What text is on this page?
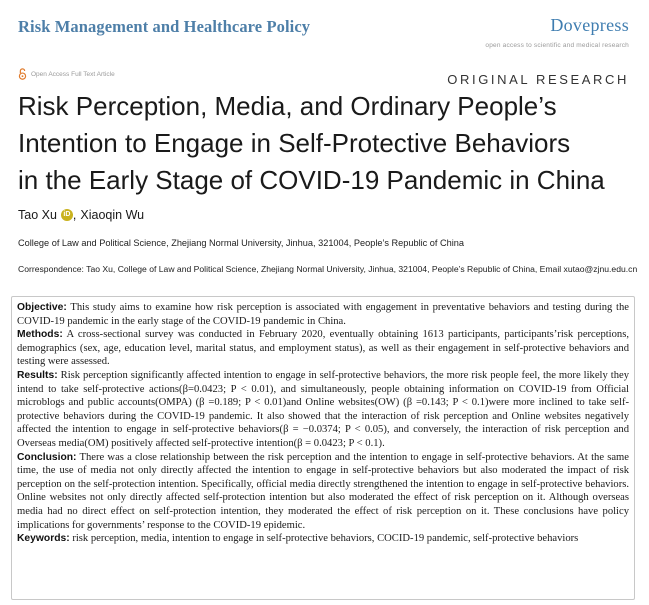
Risk Management and Healthcare Policy	Dovepress
open access to scientific and medical research
Open Access Full Text Article	ORIGINAL RESEARCH
Risk Perception, Media, and Ordinary People’s
Intention to Engage in Self-Protective Behaviors
in the Early Stage of COVID-19 Pandemic in China
Tao Xu iD , Xiaoqin Wu
College of Law and Political Science, Zhejiang Normal University, Jinhua, 321004, People’s Republic of China
Correspondence: Tao Xu, College of Law and Political Science, Zhejiang Normal University, Jinhua, 321004, People’s Republic of China, Email xutao@zjnu.edu.cn

Objective: This study aims to examine how risk perception is associated with engagement in preventative behaviors and testing during the COVID-19 pandemic in the early stage of the COVID-19 pandemic in China.

Methods: A cross-sectional survey was conducted in February 2020, eventually obtaining 1613 participants, participants’risk perceptions, demographics (sex, age, education level, marital status, and employment status), as well as their engagement in self-protective behaviors and testing were assessed.

Results: Risk perception significantly affected intention to engage in self-protective behaviors, the more risk people feel, the more likely they intend to take self-protective actions(β=0.0423; P < 0.01), and simultaneously, people obtaining information on COVID-19 from Official microblogs and public accounts(OMPA) (β =0.189; P < 0.01)and Online websites(OW) (β =0.143; P < 0.1)were more inclined to take self-protective behaviors during the COVID-19 pandemic. It also showed that the interaction of risk perception and Online websites negatively affected the intention to engage in self-protective behaviors(β = −0.0374; P < 0.05), and conversely, the interaction of risk perception and Overseas media(OM) positively affected self-protective intention(β = 0.0423; P < 0.1).

Conclusion: There was a close relationship between the risk perception and the intention to engage in self-protective behaviors. At the same time, the use of media not only directly affected the intention to engage in self-protective behaviors but also moderated the impact of risk perception on the self-protection intention. Specifically, official media directly strengthened the intention to engage in self-protective behaviors. Online websites not only directly affected self-protection intention but also moderated the effect of risk perception on it. Although overseas media had no direct effect on self-protection intention, they moderated the effect of risk perception on it. These conclusions have policy implications for governments’ response to the COVID-19 epidemic.

Keywords: risk perception, media, intention to engage in self-protective behaviors, COCID-19 pandemic, self-protective behaviors
